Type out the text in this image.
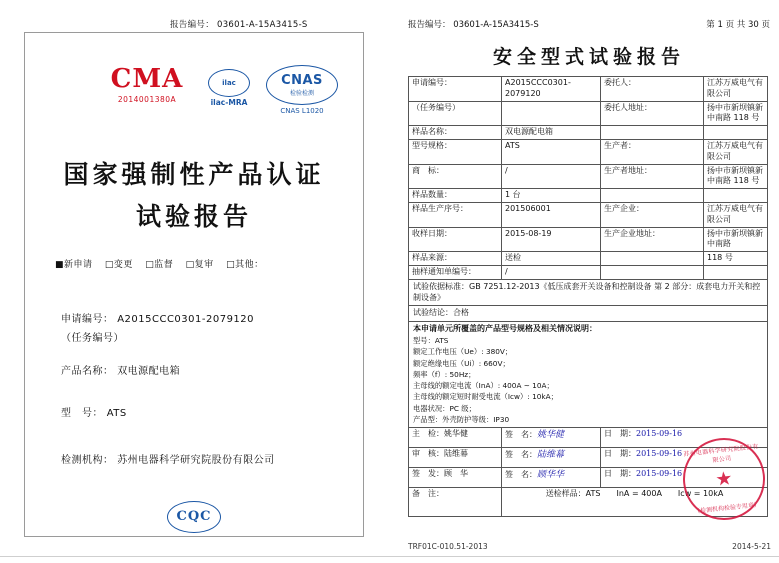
报告编号： 03601-A-15A3415-S
CMA
2014001380A
ilac
ilac-MRA
CNAS
检验检测
CNAS L1020
国家强制性产品认证
试验报告
■新申请 □变更 □监督 □复审 □其他：
申请编号： A2015CCC0301-2079120
（任务编号）
产品名称： 双电源配电箱
型　号： ATS
检测机构： 苏州电器科学研究院股份有限公司
CQC
报告编号： 03601-A-15A3415-S	第 1 页 共 30 页
安全型式试验报告
申请编号：	A2015CCC0301-2079120	委托人：	江苏万威电气有限公司
（任务编号）		委托人地址：	扬中市新坝镇新中南路 118 号
样品名称：	双电源配电箱		
型号规格：	ATS	生产者：	江苏万威电气有限公司
商　标：	/	生产者地址：	扬中市新坝镇新中南路 118 号
样品数量：	1 台		
样品生产序号：	201506001	生产企业：	江苏万威电气有限公司
收样日期：	2015-08-19	生产企业地址：	扬中市新坝镇新中南路
样品来源：	送检		118 号
抽样通知单编号：	/		
试验依据标准：GB 7251.12-2013《低压成套开关设备和控制设备 第 2 部分：成套电力开关和控制设备》			
试验结论：合格			

本申请单元所覆盖的产品型号规格及相关情况说明：
型号：ATS
额定工作电压（Ue）: 380V；
额定绝缘电压（Ui）: 660V；
频率（f）: 50Hz；
主母线的额定电流（InA）: 400A ~ 10A；
主母线的额定短时耐受电流（Icw）: 10kA；
电器状况：PC 级；
产品型：外壳防护等级：IP30

主　检：姚华健	签　名：姚华健	日　期：2015-09-16	
审　核：陆维幕	签　名：陆维幕	日　期：2015-09-16	
签　发：顾　华	签　名：顾华华	日　期：2015-09-16	
备　注：	送检样品：ATS　　InA = 400A　　Icw = 10kA		
苏州电器科学研究院股份有限公司
★
（检测机构检验专用章）
TRF01C-010.51-2013	2014-5-21
